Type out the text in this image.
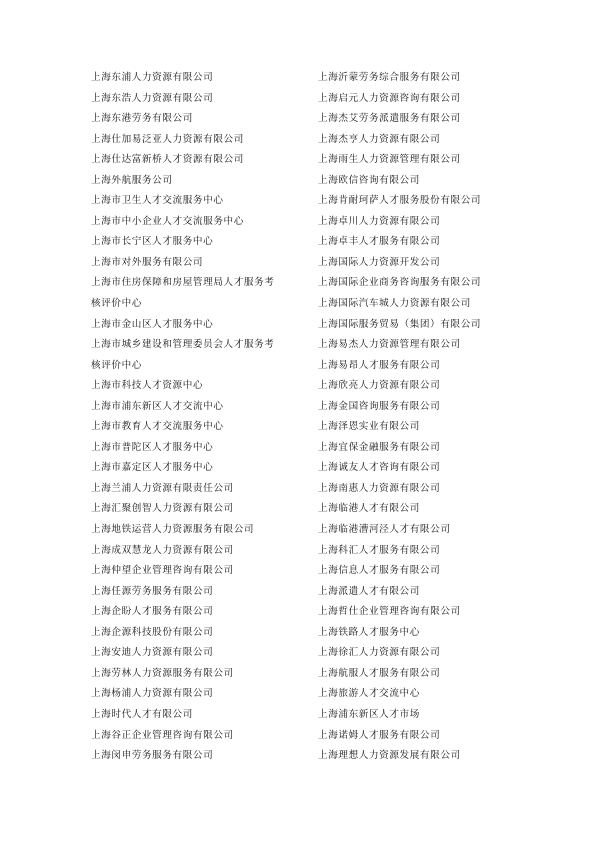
上海东浦人力资源有限公司
上海东浩人力资源有限公司
上海东港劳务有限公司
上海仕加易泛亚人力资源有限公司
上海仕达富新桥人才资源有限公司
上海外航服务公司
上海市卫生人才交流服务中心
上海市中小企业人才交流服务中心
上海市长宁区人才服务中心
上海市对外服务有限公司
上海市住房保障和房屋管理局人才服务考
核评价中心
上海市金山区人才服务中心
上海市城乡建设和管理委员会人才服务考
核评价中心
上海市科技人才资源中心
上海市浦东新区人才交流中心
上海市教育人才交流服务中心
上海市普陀区人才服务中心
上海市嘉定区人才服务中心
上海兰浦人力资源有限责任公司
上海汇聚创智人力资源有限公司
上海地铁运营人力资源服务有限公司
上海成双慧龙人力资源有限公司
上海仲望企业管理咨询有限公司
上海任源劳务服务有限公司
上海企盼人才服务有限公司
上海企源科技股份有限公司
上海安迪人力资源有限公司
上海劳林人力资源服务有限公司
上海杨浦人力资源有限公司
上海时代人才有限公司
上海谷正企业管理咨询有限公司
上海闵申劳务服务有限公司
上海沂蒙劳务综合服务有限公司
上海启元人力资源咨询有限公司
上海杰艾劳务派遣服务有限公司
上海杰亨人力资源有限公司
上海雨生人力资源管理有限公司
上海欧信咨询有限公司
上海肯耐珂萨人才服务股份有限公司
上海卓川人力资源有限公司
上海卓丰人才服务有限公司
上海国际人力资源开发公司
上海国际企业商务咨询服务有限公司
上海国际汽车城人力资源有限公司
上海国际服务贸易（集团）有限公司
上海易杰人力资源管理有限公司
上海易昂人才服务有限公司
上海欣亮人力资源有限公司
上海金国咨询服务有限公司
上海泽恩实业有限公司
上海宜保金融服务有限公司
上海诚友人才咨询有限公司
上海南惠人力资源有限公司
上海临港人才有限公司
上海临港漕河泾人才有限公司
上海科汇人才服务有限公司
上海信息人才服务有限公司
上海派遣人才有限公司
上海哲仕企业管理咨询有限公司
上海铁路人才服务中心
上海徐汇人力资源有限公司
上海航服人才服务有限公司
上海旅游人才交流中心
上海浦东新区人才市场
上海诺姆人才服务有限公司
上海理想人力资源发展有限公司
